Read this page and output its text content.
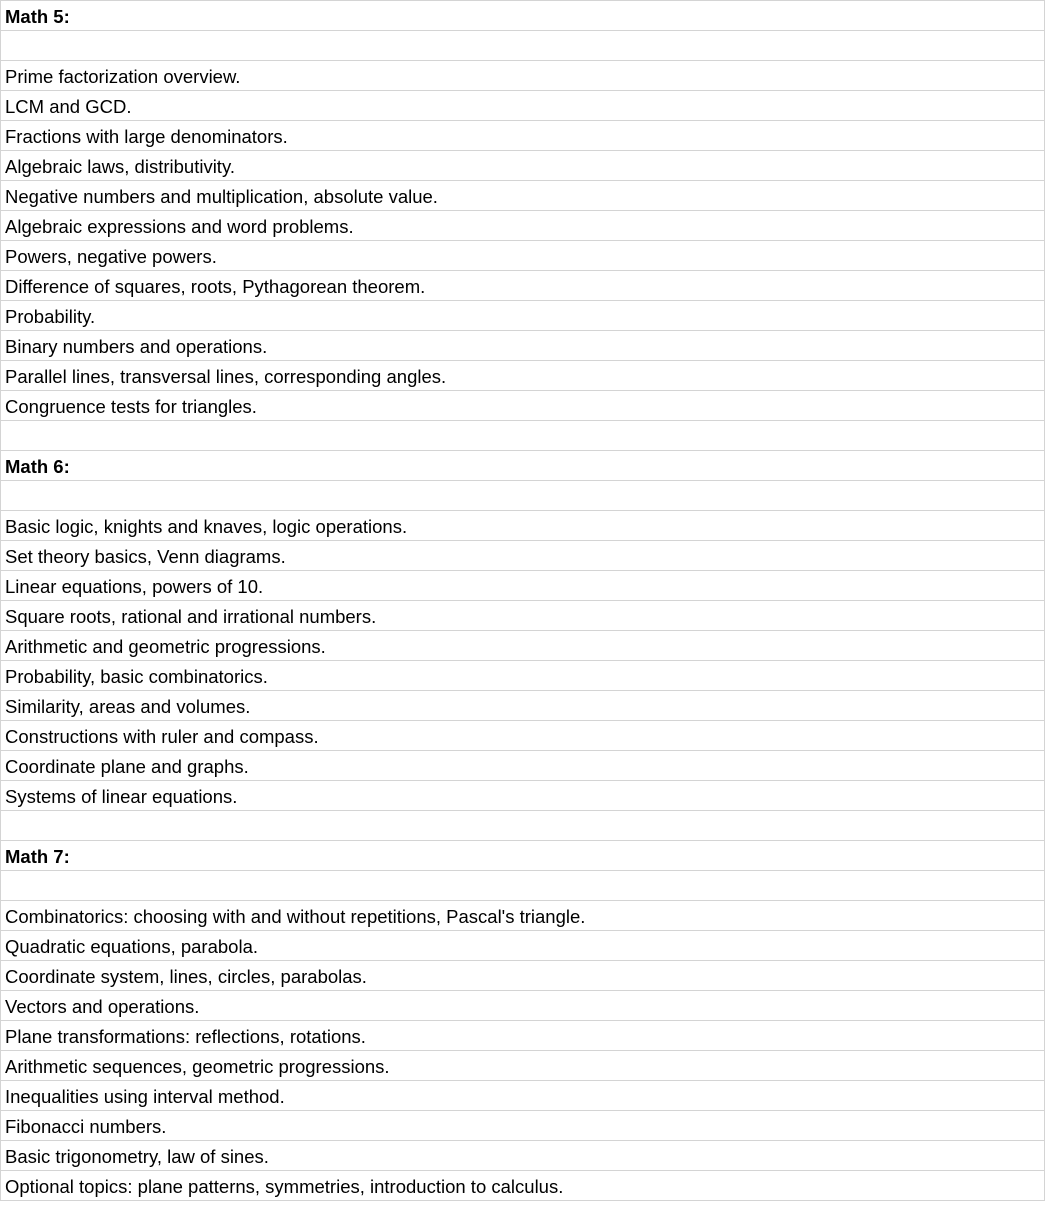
Math 5:
Prime factorization overview.
LCM and GCD.
Fractions with large denominators.
Algebraic laws, distributivity.
Negative numbers and multiplication, absolute value.
Algebraic expressions and word problems.
Powers, negative powers.
Difference of squares, roots, Pythagorean theorem.
Probability.
Binary numbers and operations.
Parallel lines, transversal lines, corresponding angles.
Congruence tests for triangles.
Math 6:
Basic logic, knights and knaves, logic operations.
Set theory basics, Venn diagrams.
Linear equations, powers of 10.
Square roots, rational and irrational numbers.
Arithmetic and geometric progressions.
Probability, basic combinatorics.
Similarity, areas and volumes.
Constructions with ruler and compass.
Coordinate plane and graphs.
Systems of linear equations.
Math 7:
Combinatorics: choosing with and without repetitions, Pascal's triangle.
Quadratic equations, parabola.
Coordinate system, lines, circles, parabolas.
Vectors and operations.
Plane transformations: reflections, rotations.
Arithmetic sequences, geometric progressions.
Inequalities using interval method.
Fibonacci numbers.
Basic trigonometry, law of sines.
Optional topics: plane patterns, symmetries, introduction to calculus.
